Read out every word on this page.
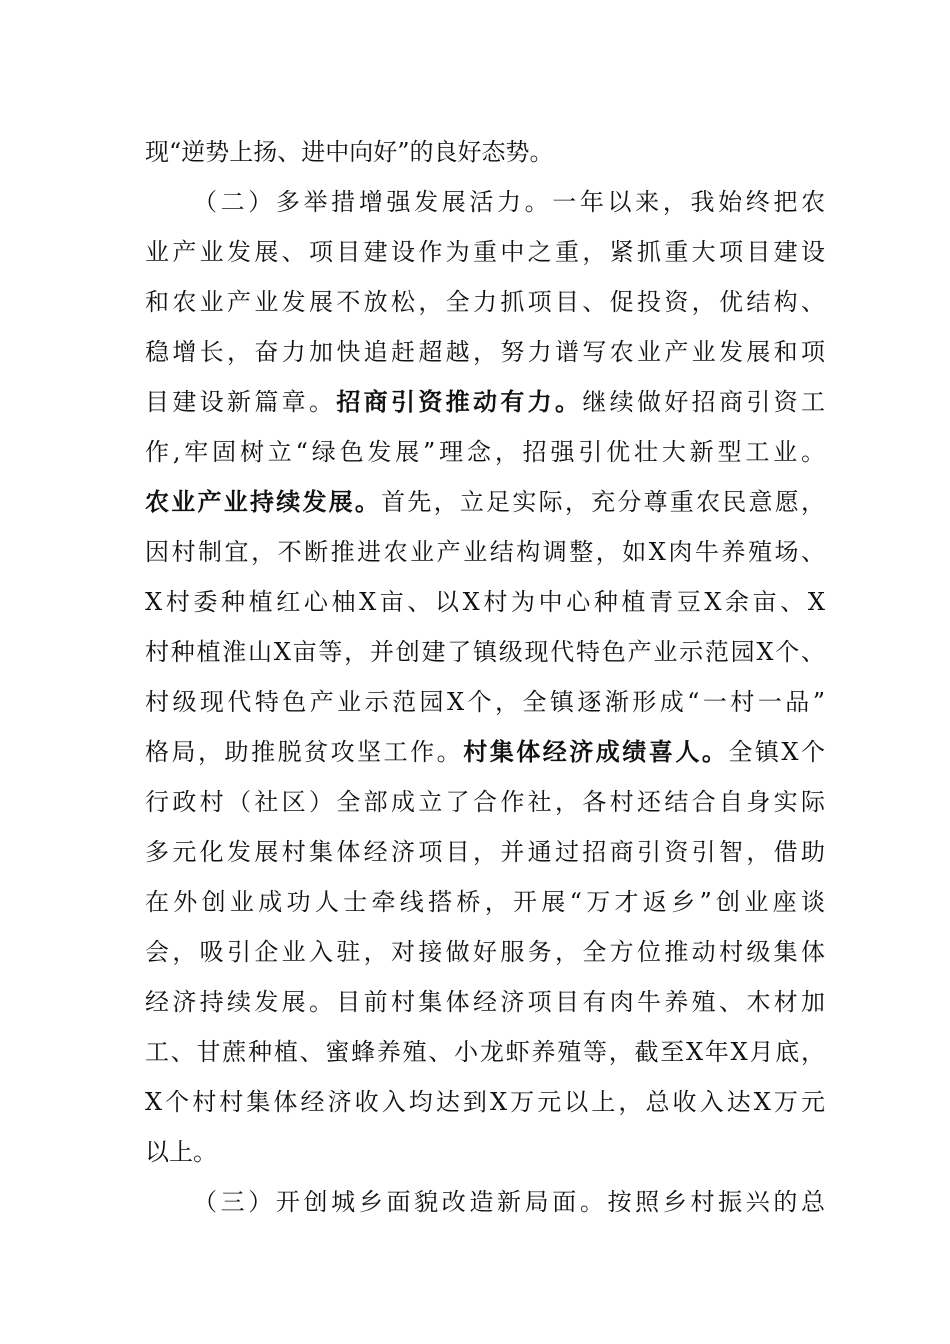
现“逆势上扬、进中向好”的良好态势。
（二）多举措增强发展活力。一年以来，我始终把农
业产业发展、项目建设作为重中之重，紧抓重大项目建设
和农业产业发展不放松，全力抓项目、促投资，优结构、
稳增长，奋力加快追赶超越，努力谱写农业产业发展和项
目建设新篇章。招商引资推动有力。继续做好招商引资工
作,牢固树立“绿色发展”理念，招强引优壮大新型工业。
农业产业持续发展。首先，立足实际，充分尊重农民意愿，
因村制宜，不断推进农业产业结构调整，如X肉牛养殖场、
X村委种植红心柚X亩、以X村为中心种植青豆X余亩、X
村种植淮山X亩等，并创建了镇级现代特色产业示范园X个、
村级现代特色产业示范园X个，全镇逐渐形成“一村一品”
格局，助推脱贫攻坚工作。村集体经济成绩喜人。全镇X个
行政村（社区）全部成立了合作社，各村还结合自身实际
多元化发展村集体经济项目，并通过招商引资引智，借助
在外创业成功人士牵线搭桥，开展“万才返乡”创业座谈
会，吸引企业入驻，对接做好服务，全方位推动村级集体
经济持续发展。目前村集体经济项目有肉牛养殖、木材加
工、甘蔗种植、蜜蜂养殖、小龙虾养殖等，截至X年X月底，
X个村村集体经济收入均达到X万元以上，总收入达X万元
以上。
（三）开创城乡面貌改造新局面。按照乡村振兴的总
